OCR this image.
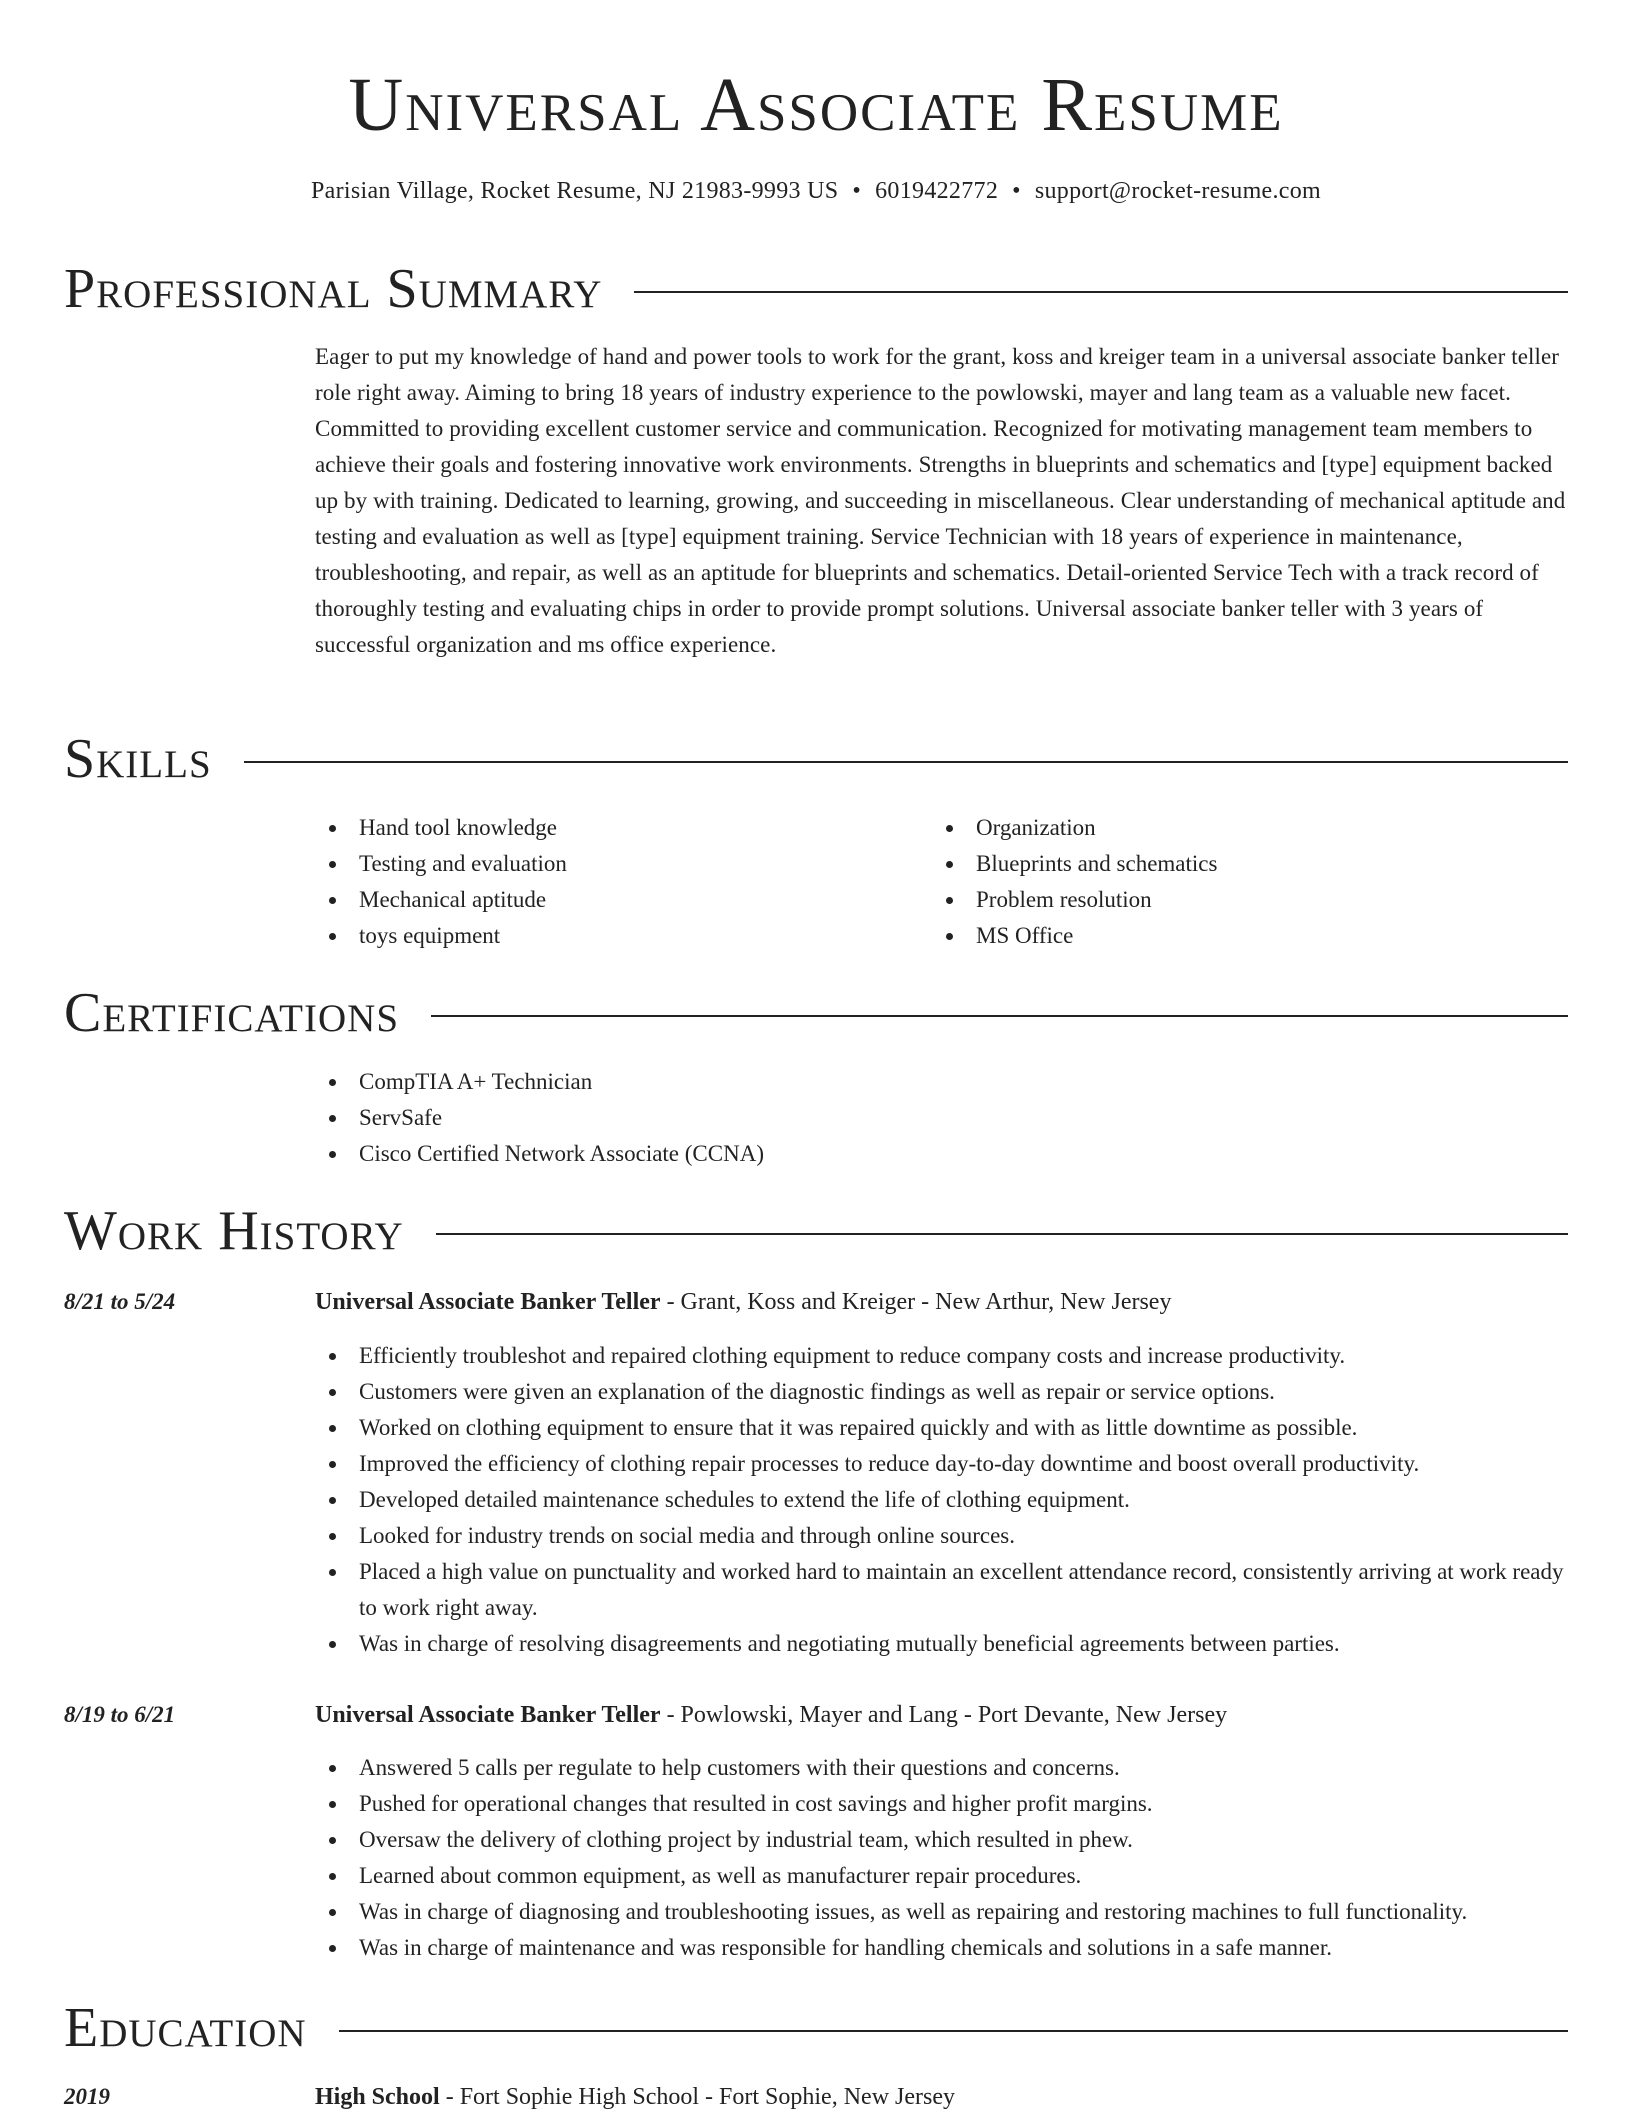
Universal Associate Resume
Parisian Village, Rocket Resume, NJ 21983-9993 US • 6019422772 • support@rocket-resume.com
Professional Summary

Eager to put my knowledge of hand and power tools to work for the grant, koss and kreiger team in a universal associate banker teller role right away. Aiming to bring 18 years of industry experience to the powlowski, mayer and lang team as a valuable new facet. Committed to providing excellent customer service and communication. Recognized for motivating management team members to achieve their goals and fostering innovative work environments. Strengths in blueprints and schematics and [type] equipment backed up by with training. Dedicated to learning, growing, and succeeding in miscellaneous. Clear understanding of mechanical aptitude and testing and evaluation as well as [type] equipment training. Service Technician with 18 years of experience in maintenance, troubleshooting, and repair, as well as an aptitude for blueprints and schematics. Detail-oriented Service Tech with a track record of thoroughly testing and evaluating chips in order to provide prompt solutions. Universal associate banker teller with 3 years of successful organization and ms office experience.

Skills
Hand tool knowledge
Testing and evaluation
Mechanical aptitude
toys equipment
Organization
Blueprints and schematics
Problem resolution
MS Office
Certifications
CompTIA A+ Technician
ServSafe
Cisco Certified Network Associate (CCNA)
Work History
8/21 to 5/24	Universal Associate Banker Teller - Grant, Koss and Kreiger - New Arthur, New Jersey
Efficiently troubleshot and repaired clothing equipment to reduce company costs and increase productivity.
Customers were given an explanation of the diagnostic findings as well as repair or service options.
Worked on clothing equipment to ensure that it was repaired quickly and with as little downtime as possible.
Improved the efficiency of clothing repair processes to reduce day-to-day downtime and boost overall productivity.
Developed detailed maintenance schedules to extend the life of clothing equipment.
Looked for industry trends on social media and through online sources.
Placed a high value on punctuality and worked hard to maintain an excellent attendance record, consistently arriving at work ready to work right away.
Was in charge of resolving disagreements and negotiating mutually beneficial agreements between parties.
8/19 to 6/21	Universal Associate Banker Teller - Powlowski, Mayer and Lang - Port Devante, New Jersey
Answered 5 calls per regulate to help customers with their questions and concerns.
Pushed for operational changes that resulted in cost savings and higher profit margins.
Oversaw the delivery of clothing project by industrial team, which resulted in phew.
Learned about common equipment, as well as manufacturer repair procedures.
Was in charge of diagnosing and troubleshooting issues, as well as repairing and restoring machines to full functionality.
Was in charge of maintenance and was responsible for handling chemicals and solutions in a safe manner.
Education
2019	High School - Fort Sophie High School - Fort Sophie, New Jersey
